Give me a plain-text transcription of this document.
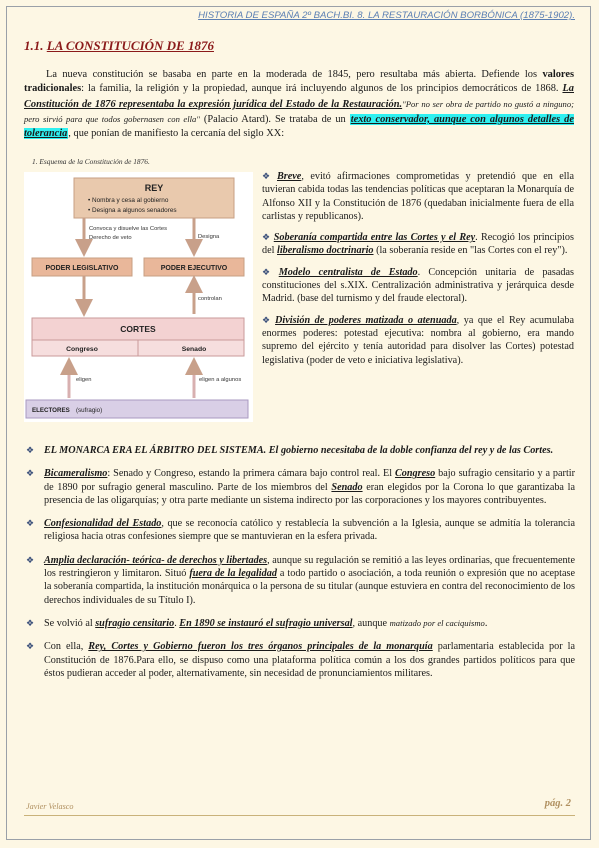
HISTORIA DE ESPAÑA 2º BACH.BI. 8. LA RESTAURACIÓN BORBÓNICA (1875-1902).
1.1. LA CONSTITUCIÓN DE 1876
La nueva constitución se basaba en parte en la moderada de 1845, pero resultaba más abierta. Defiende los valores tradicionales: la familia, la religión y la propiedad, aunque irá incluyendo algunos de los principios democráticos de 1868. La Constitución de 1876 representaba la expresión jurídica del Estado de la Restauración."Por no ser obra de partido no gustó a ninguno; pero sirvió para que todos gobernasen con ella" (Palacio Atard). Se trataba de un texto conservador, aunque con algunos detalles de tolerancia, que ponían de manifiesto la cercanía del siglo XX:
1. Esquema de la Constitución de 1876.
REY
• Nombra y cesa al gobierno
• Designa a algunos senadores
Convoca y disuelve las Cortes
Derecho de veto	Designa
PODER LEGISLATIVO	PODER EJECUTIVO
controlan
CORTES
Congreso	Senado
eligen	eligen a algunos
ELECTORES (sufragio)

❖ Breve, evitó afirmaciones comprometidas y pretendió que en ella tuvieran cabida todas las tendencias políticas que aceptaran la Monarquía de Alfonso XII y la Constitución de 1876 (quedaban inicialmente fuera de ella carlistas y republicanos).

❖ Soberanía compartida entre las Cortes y el Rey. Recogió los principios del liberalismo doctrinario (la soberanía reside en "las Cortes con el rey").

❖ Modelo centralista de Estado. Concepción unitaria de pasadas constituciones del s.XIX. Centralización administrativa y jerárquica desde Madrid. (base del turnismo y del fraude electoral).

❖ División de poderes matizada o atenuada, ya que el Rey acumulaba enormes poderes: potestad ejecutiva: nombra al gobierno, era mando supremo del ejército y tenía autoridad para disolver las Cortes) potestad legislativa (poder de veto e iniciativa legislativa).

❖ EL MONARCA ERA EL ÁRBITRO DEL SISTEMA. El gobierno necesitaba de la doble confianza del rey y de las Cortes.
❖ Bicameralismo: Senado y Congreso, estando la primera cámara bajo control real. El Congreso bajo sufragio censitario y a partir de 1890 por sufragio general masculino. Parte de los miembros del Senado eran elegidos por la Corona lo que garantizaba la presencia de las oligarquías; y otra parte mediante un sistema indirecto por las corporaciones y los mayores contribuyentes.
❖ Confesionalidad del Estado, que se reconocía católico y restablecía la subvención a la Iglesia, aunque se admitía la tolerancia religiosa hacia otras confesiones siempre que se mantuvieran en la esfera privada.
❖ Amplia declaración- teórica- de derechos y libertades, aunque su regulación se remitió a las leyes ordinarias, que frecuentemente los restringieron y limitaron. Situó fuera de la legalidad a todo partido o asociación, a toda reunión o expresión que no aceptase la soberanía compartida, la institución monárquica o la persona de su titular (aunque estuviera en contra del reconocimiento de los derechos individuales de su Título I).
❖ Se volvió al sufragio censitario. En 1890 se instauró el sufragio universal, aunque matizado por el caciquismo.
❖ Con ella, Rey, Cortes y Gobierno fueron los tres órganos principales de la monarquía parlamentaria establecida por la Constitución de 1876.Para ello, se dispuso como una plataforma política común a los dos grandes partidos políticos para que éstos pudieran acceder al poder, alternativamente, sin necesidad de pronunciamientos militares.
Javier Velasco	pág. 2
